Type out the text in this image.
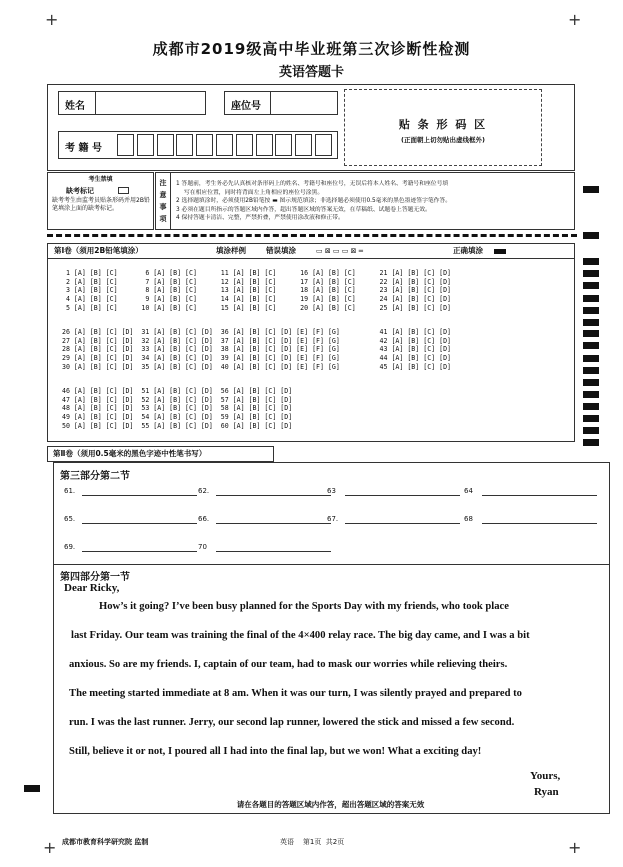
+	+
成都市2019级高中毕业班第三次诊断性检测
英语答题卡
姓名	座位号
考 籍 号
贴 条 形 码 区
(正面朝上切勿贴出虚线框外)
考生禁填
缺考标记
缺考考生由监考员贴条形码并用2B铅笔填涂上面的缺考标记。
注
意
事
项
1 答题前，考生务必先认真核对条形码上的姓名、考籍号和座位号，无误后将本人姓名、考籍号和座位号填
写在相应位置，同时将背面左上角相应的座位号涂黑。
2 选择题填涂时，必须使用2B铅笔按 ▬ 图示规范填涂；非选择题必须使用0.5毫米的黑色墨迹签字笔作答。
3 必须在题目所指示的答题区域内作答，超出答题区域的答案无效，在草稿纸、试题卷上答题无效。
4 保持答题卡清洁、完整，严禁折叠，严禁使用涂改液和修正带。
第Ⅰ卷（须用2B铅笔填涂）	填涂样例	错误填涂	▭ ⊠ ▭ ▭ ⊠ ═	正确填涂
1 [A] [B] [C]       6 [A] [B] [C]      11 [A] [B] [C]      16 [A] [B] [C]      21 [A] [B] [C] [D]
2 [A] [B] [C]       7 [A] [B] [C]      12 [A] [B] [C]      17 [A] [B] [C]      22 [A] [B] [C] [D]
3 [A] [B] [C]       8 [A] [B] [C]      13 [A] [B] [C]      18 [A] [B] [C]      23 [A] [B] [C] [D]
4 [A] [B] [C]       9 [A] [B] [C]      14 [A] [B] [C]      19 [A] [B] [C]      24 [A] [B] [C] [D]
5 [A] [B] [C]      10 [A] [B] [C]      15 [A] [B] [C]      20 [A] [B] [C]      25 [A] [B] [C] [D]
26 [A] [B] [C] [D]  31 [A] [B] [C] [D]  36 [A] [B] [C] [D] [E] [F] [G]          41 [A] [B] [C] [D]
27 [A] [B] [C] [D]  32 [A] [B] [C] [D]  37 [A] [B] [C] [D] [E] [F] [G]          42 [A] [B] [C] [D]
28 [A] [B] [C] [D]  33 [A] [B] [C] [D]  38 [A] [B] [C] [D] [E] [F] [G]          43 [A] [B] [C] [D]
29 [A] [B] [C] [D]  34 [A] [B] [C] [D]  39 [A] [B] [C] [D] [E] [F] [G]          44 [A] [B] [C] [D]
30 [A] [B] [C] [D]  35 [A] [B] [C] [D]  40 [A] [B] [C] [D] [E] [F] [G]          45 [A] [B] [C] [D]
46 [A] [B] [C] [D]  51 [A] [B] [C] [D]  56 [A] [B] [C] [D]
47 [A] [B] [C] [D]  52 [A] [B] [C] [D]  57 [A] [B] [C] [D]
48 [A] [B] [C] [D]  53 [A] [B] [C] [D]  58 [A] [B] [C] [D]
49 [A] [B] [C] [D]  54 [A] [B] [C] [D]  59 [A] [B] [C] [D]
50 [A] [B] [C] [D]  55 [A] [B] [C] [D]  60 [A] [B] [C] [D]
第Ⅱ卷（须用0.5毫米的黑色字迹中性笔书写）
第三部分第二节
61.	62.	63	64
65.	66.	67.	68
69.	70
第四部分第一节
Dear Ricky,
How’s it going? I’ve been busy planned for the Sports Day with my friends, who took place
last Friday. Our team was training the final of the 4×400 relay race. The big day came, and I was a bit
anxious. So are my friends. I, captain of our team, had to mask our worries while relieving theirs.
The meeting started immediate at 8 am. When it was our turn, I was silently prayed and prepared to
run. I was the last runner. Jerry, our second lap runner, lowered the stick and missed a few second.
Still, believe it or not, I poured all I had into the final lap, but we won! What a exciting day!
Yours,
Ryan
请在各题目的答题区域内作答，超出答题区域的答案无效
成都市教育科学研究院 监制	英语    第1页  共2页
+	+
